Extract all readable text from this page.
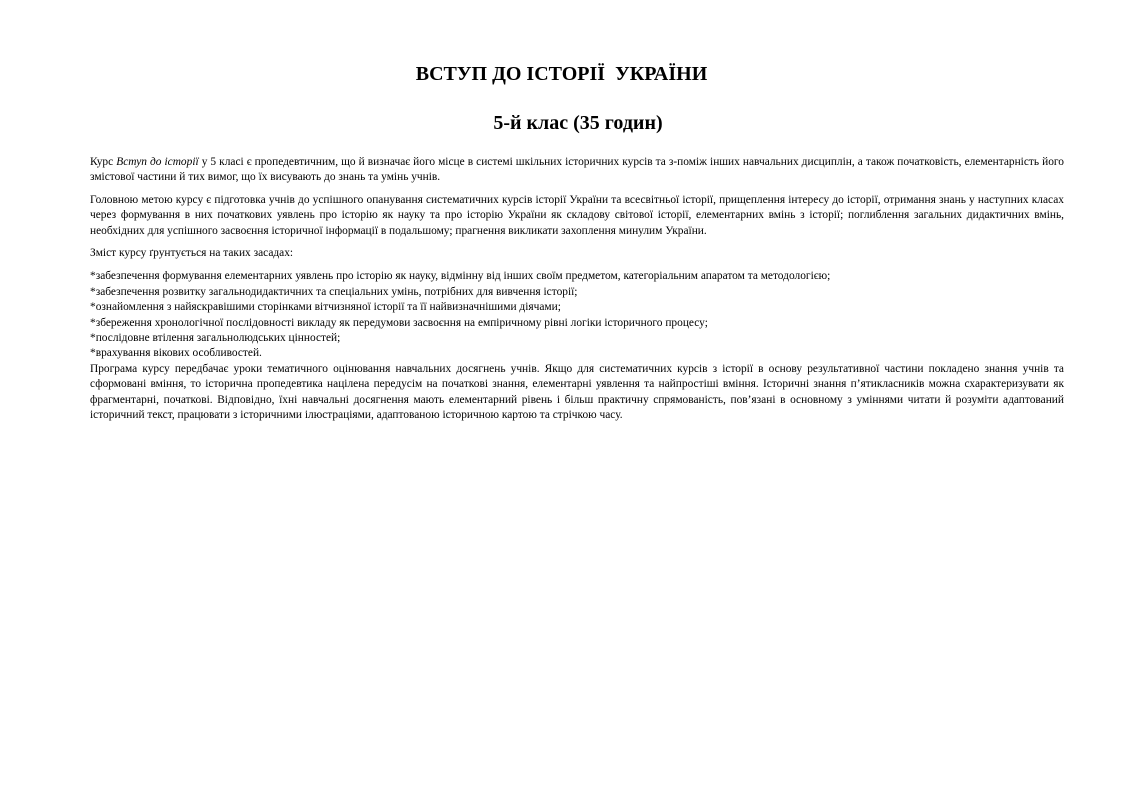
ВСТУП ДО ІСТОРІЇ  УКРАЇНИ
5-й клас (35 годин)

Курс Вступ до історії у 5 класі є пропедевтичним, що й визначає його місце в системі шкільних історичних курсів та з-поміж інших навчальних дисциплін, а також початковість, елементарність його змістової частини й тих вимог, що їх висувають до знань та умінь учнів.

Головною метою курсу є підготовка учнів до успішного опанування систематичних курсів історії України та всесвітньої історії, прищеплення інтересу до історії, отримання знань у наступних класах через формування в них початкових уявлень про історію як науку та про історію України як складову світової історії, елементарних вмінь з історії; поглиблення загальних дидактичних вмінь, необхідних для успішного засвоєння історичної інформації в подальшому; прагнення викликати захоплення минулим України.

Зміст курсу ґрунтується на таких засадах:

*забезпечення формування елементарних уявлень про історію як науку, відмінну від інших своїм предметом, категоріальним апаратом та методологією;
*забезпечення розвитку загальнодидактичних та спеціальних умінь, потрібних для вивчення історії;
*ознайомлення з найяскравішими сторінками вітчизняної історії та її найвизначнішими діячами;
*збереження хронологічної послідовності викладу як передумови засвоєння на емпіричному рівні логіки історичного процесу;
*послідовне втілення загальнолюдських цінностей;
*врахування вікових особливостей.

Програма курсу передбачає уроки тематичного оцінювання навчальних досягнень учнів. Якщо для систематичних курсів з історії в основу результативної частини покладено знання учнів та сформовані вміння, то історична пропедевтика націлена передусім на початкові знання, елементарні уявлення та найпростіші вміння. Історичні знання п’ятикласників можна схарактеризувати як фрагментарні, початкові. Відповідно, їхні навчальні досягнення мають елементарний рівень і більш практичну спрямованість, пов’язані в основному з уміннями читати й розуміти адаптований історичний текст, працювати з історичними ілюстраціями, адаптованою історичною картою та стрічкою часу.
